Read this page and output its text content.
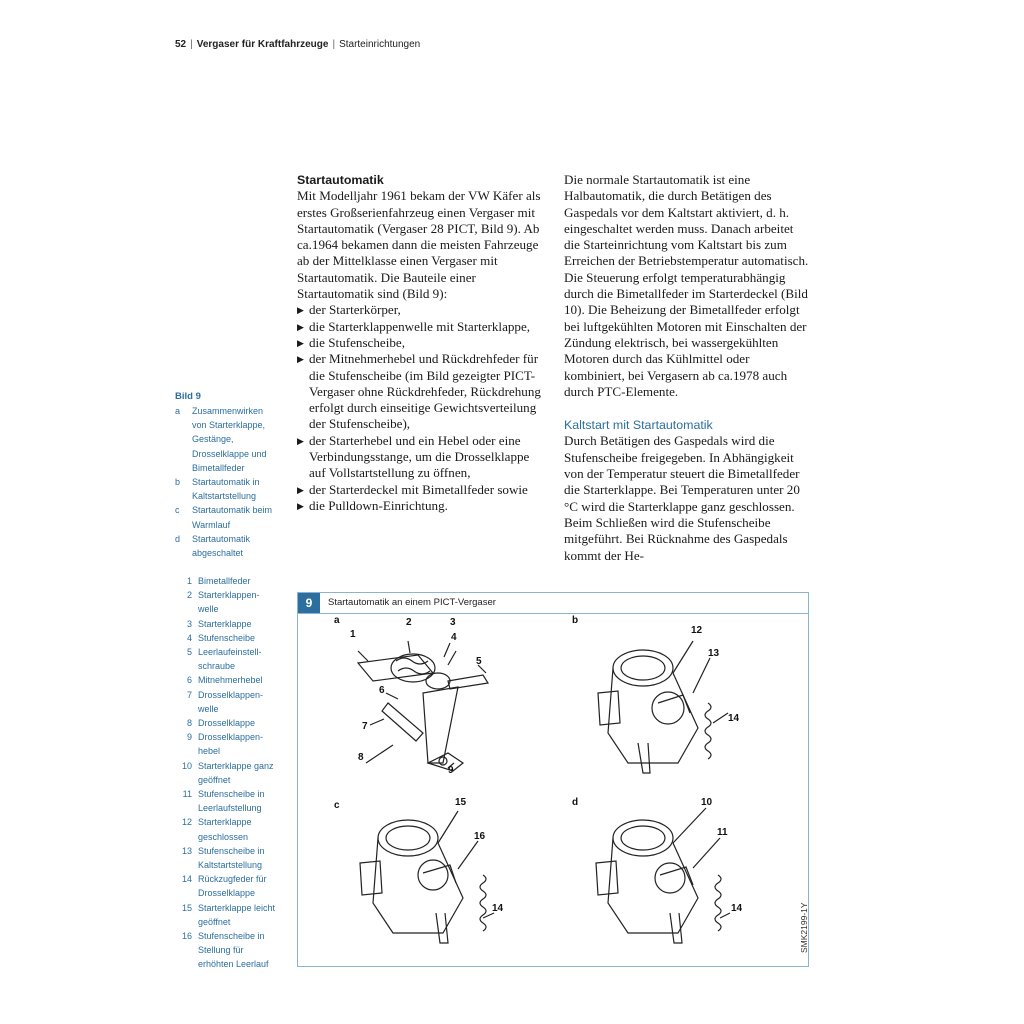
52 | Vergaser für Kraftfahrzeuge | Starteinrichtungen

Startautomatik

Mit Modelljahr 1961 bekam der VW Käfer als erstes Großserienfahrzeug einen Vergaser mit Startautomatik (Vergaser 28 PICT, Bild 9). Ab ca.1964 bekamen dann die meisten Fahrzeuge ab der Mittelklasse einen Vergaser mit Startautomatik. Die Bauteile einer Startautomatik sind (Bild 9):

▶ der Starterkörper,
▶ die Starterklappenwelle mit Starterklappe,
▶ die Stufenscheibe,
▶ der Mitnehmerhebel und Rückdrehfeder für die Stufenscheibe (im Bild gezeigter PICT-Vergaser ohne Rückdrehfeder, Rückdrehung erfolgt durch einseitige Gewichtsverteilung der Stufenscheibe),
▶ der Starterhebel und ein Hebel oder eine Verbindungsstange, um die Drosselklappe auf Vollstartstellung zu öffnen,
▶ der Starterdeckel mit Bimetallfeder sowie
▶ die Pulldown-Einrichtung.

Die normale Startautomatik ist eine Halbautomatik, die durch Betätigen des Gaspedals vor dem Kaltstart aktiviert, d. h. eingeschaltet werden muss. Danach arbeitet die Starteinrichtung vom Kaltstart bis zum Erreichen der Betriebstemperatur automatisch. Die Steuerung erfolgt temperaturabhängig durch die Bimetallfeder im Starterdeckel (Bild 10). Die Beheizung der Bimetallfeder erfolgt bei luftgekühlten Motoren mit Einschalten der Zündung elektrisch, bei wassergekühlten Motoren durch das Kühlmittel oder kombiniert, bei Vergasern ab ca.1978 auch durch PTC-Elemente.

Kaltstart mit Startautomatik

Durch Betätigen des Gaspedals wird die Stufenscheibe freigegeben. In Abhängigkeit von der Temperatur steuert die Bimetallfeder die Starterklappe. Bei Temperaturen unter 20 °C wird die Starterklappe ganz geschlossen. Beim Schließen wird die Stufenscheibe mitgeführt. Bei Rücknahme des Gaspedals kommt der He-

Bild 9
a	Zusammenwirken von Starterklappe, Gestänge, Drosselklappe und Bimetallfeder
b	Startautomatik in Kaltstartstellung
c	Startautomatik beim Warmlauf
d	Startautomatik abgeschaltet
1 Bimetallfeder
2 Starterklappen-welle
3 Starterklappe
4 Stufenscheibe
5 Leerlaufeinstell-schraube
6 Mitnehmerhebel
7 Drosselklappen-welle
8 Drosselklappe
9 Drosselklappen-hebel
10 Starterklappe ganz geöffnet
11 Stufenscheibe in Leerlaufstellung
12 Starterklappe geschlossen
13 Stufenscheibe in Kaltstartstellung
14 Rückzugfeder für Drosselklappe
15 Starterklappe leicht geöffnet
16 Stufenscheibe in Stellung für erhöhten Leerlauf
9	Startautomatik an einem PICT-Vergaser
a	b
c	d
1
2	3
4
5
6
7
8
9
12
13
14
15
16
14
10
11
14	SMK2199-1Y
